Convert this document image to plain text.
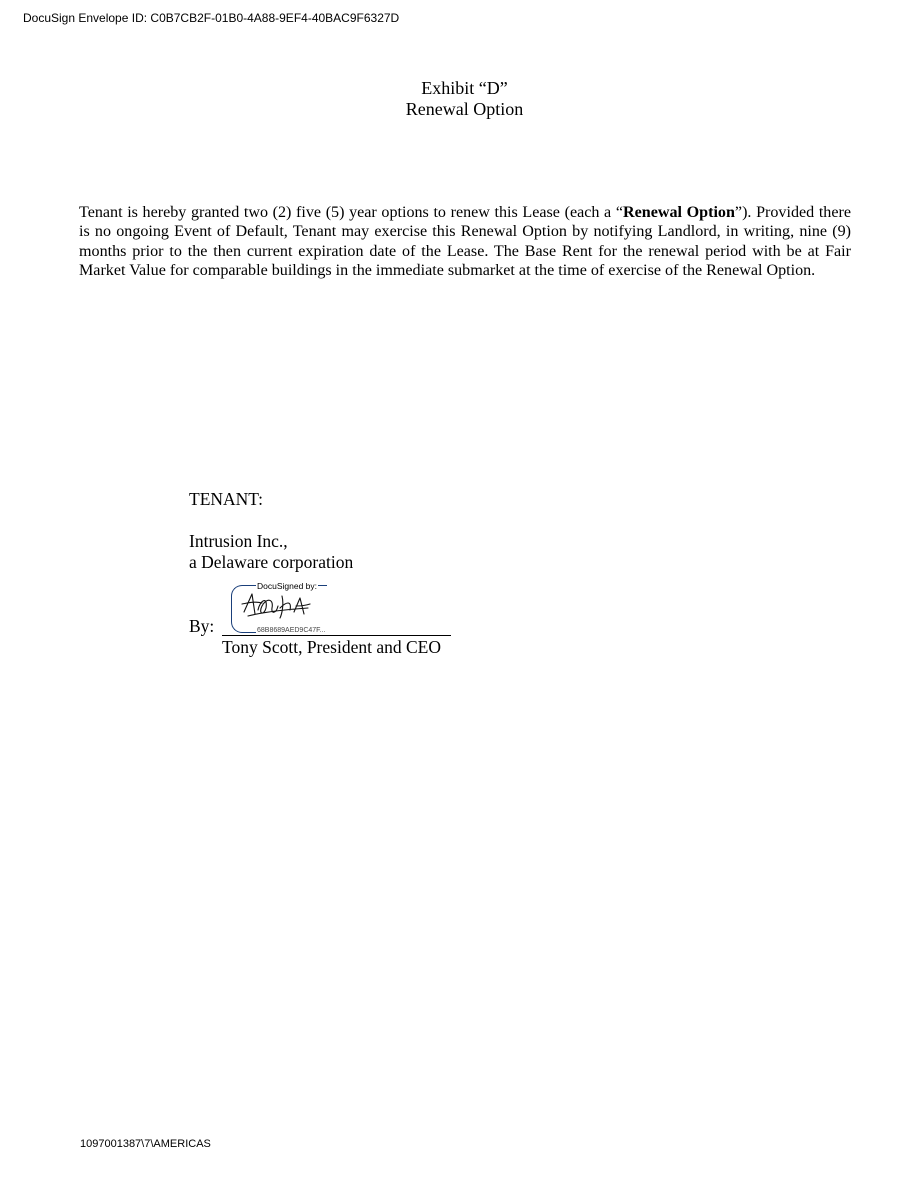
DocuSign Envelope ID: C0B7CB2F-01B0-4A88-9EF4-40BAC9F6327D
Exhibit “D”
Renewal Option

Tenant is hereby granted two (2) five (5) year options to renew this Lease (each a “Renewal Option”). Provided there is no ongoing Event of Default, Tenant may exercise this Renewal Option by notifying Landlord, in writing, nine (9) months prior to the then current expiration date of the Lease. The Base Rent for the renewal period with be at Fair Market Value for comparable buildings in the immediate submarket at the time of exercise of the Renewal Option.

TENANT:
Intrusion Inc.,
a Delaware corporation
DocuSigned by:
68B8689AED9C47F...
By:
Tony Scott, President and CEO
1097001387\7\AMERICAS
